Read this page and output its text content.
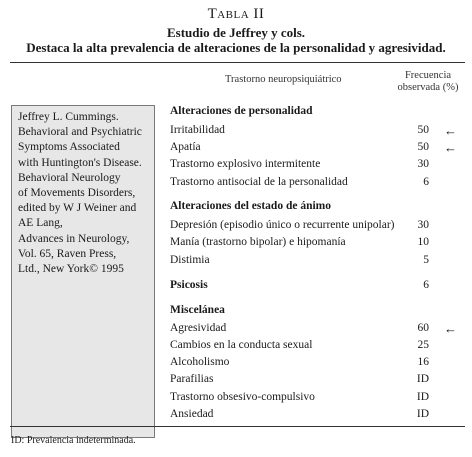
Tabla II
Estudio de Jeffrey y cols.
Destaca la alta prevalencia de alteraciones de la personalidad y agresividad.
Trastorno neuropsiquiátrico	Frecuencia
observada (%)
Jeffrey L. Cummings.
Behavioral and Psychiatric
Symptoms Associated
with Huntington's Disease.
Behavioral Neurology
of Movements Disorders,
edited by W J Weiner and
AE Lang,
Advances in Neurology,
Vol. 65, Raven Press,
Ltd., New York© 1995
Alteraciones de personalidad
Irritabilidad	50 ←
Apatía	50 ←
Trastorno explosivo intermitente	30
Trastorno antisocial de la personalidad	6
Alteraciones del estado de ánimo
Depresión (episodio único o recurrente unipolar) 30
Manía (trastorno bipolar) e hipomanía	10
Distimia	5
Psicosis	6
Miscelánea
Agresividad	60 ←
Cambios en la conducta sexual	25
Alcoholismo	16
Parafilias	ID
Trastorno obsesivo-compulsivo	ID
Ansiedad	ID
ID: Prevalencia indeterminada.
